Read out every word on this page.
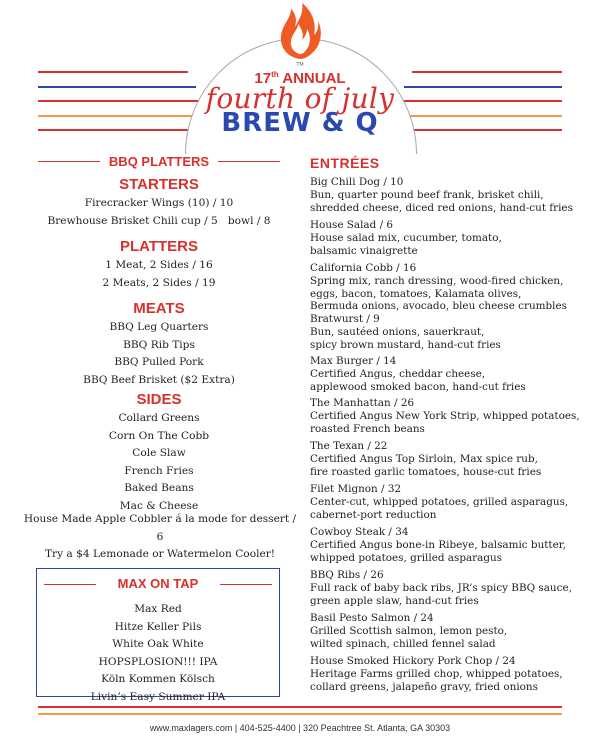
TM
17th ANNUAL
fourth of july
BREW & Q
BBQ PLATTERS
STARTERS
Firecracker Wings (10) / 10
Brewhouse Brisket Chili cup / 5   bowl / 8
PLATTERS
1 Meat, 2 Sides / 16
2 Meats, 2 Sides / 19
MEATS
BBQ Leg Quarters
BBQ Rib Tips
BBQ Pulled Pork
BBQ Beef Brisket ($2 Extra)
SIDES
Collard Greens
Corn On The Cobb
Cole Slaw
French Fries
Baked Beans
Mac & Cheese
House Made Apple Cobbler á la mode for dessert / 6
Try a $4 Lemonade or Watermelon Cooler!
MAX ON TAP
Max Red
Hitze Keller Pils
White Oak White
HOPSPLOSION!!! IPA
Köln Kommen Kölsch
Livin’s Easy Summer IPA
ENTRÉES
Big Chili Dog / 10
Bun, quarter pound beef frank, brisket chili,
shredded cheese, diced red onions, hand-cut fries
House Salad / 6
House salad mix, cucumber, tomato,
balsamic vinaigrette
California Cobb / 16
Spring mix, ranch dressing, wood-fired chicken,
eggs, bacon, tomatoes, Kalamata olives,
Bermuda onions, avocado, bleu cheese crumbles
Bratwurst / 9
Bun, sautéed onions, sauerkraut,
spicy brown mustard, hand-cut fries
Max Burger / 14
Certified Angus, cheddar cheese,
applewood smoked bacon, hand-cut fries
The Manhattan / 26
Certified Angus New York Strip, whipped potatoes,
roasted French beans
The Texan / 22
Certified Angus Top Sirloin, Max spice rub,
fire roasted garlic tomatoes, house-cut fries
Filet Mignon / 32
Center-cut, whipped potatoes, grilled asparagus,
cabernet-port reduction
Cowboy Steak / 34
Certified Angus bone-in Ribeye, balsamic butter,
whipped potatoes, grilled asparagus
BBQ Ribs / 26
Full rack of baby back ribs, JR’s spicy BBQ sauce,
green apple slaw, hand-cut fries
Basil Pesto Salmon / 24
Grilled Scottish salmon, lemon pesto,
wilted spinach, chilled fennel salad
House Smoked Hickory Pork Chop / 24
Heritage Farms grilled chop, whipped potatoes,
collard greens, jalapeño gravy, fried onions
www.maxlagers.com | 404-525-4400 | 320 Peachtree St. Atlanta, GA 30303
